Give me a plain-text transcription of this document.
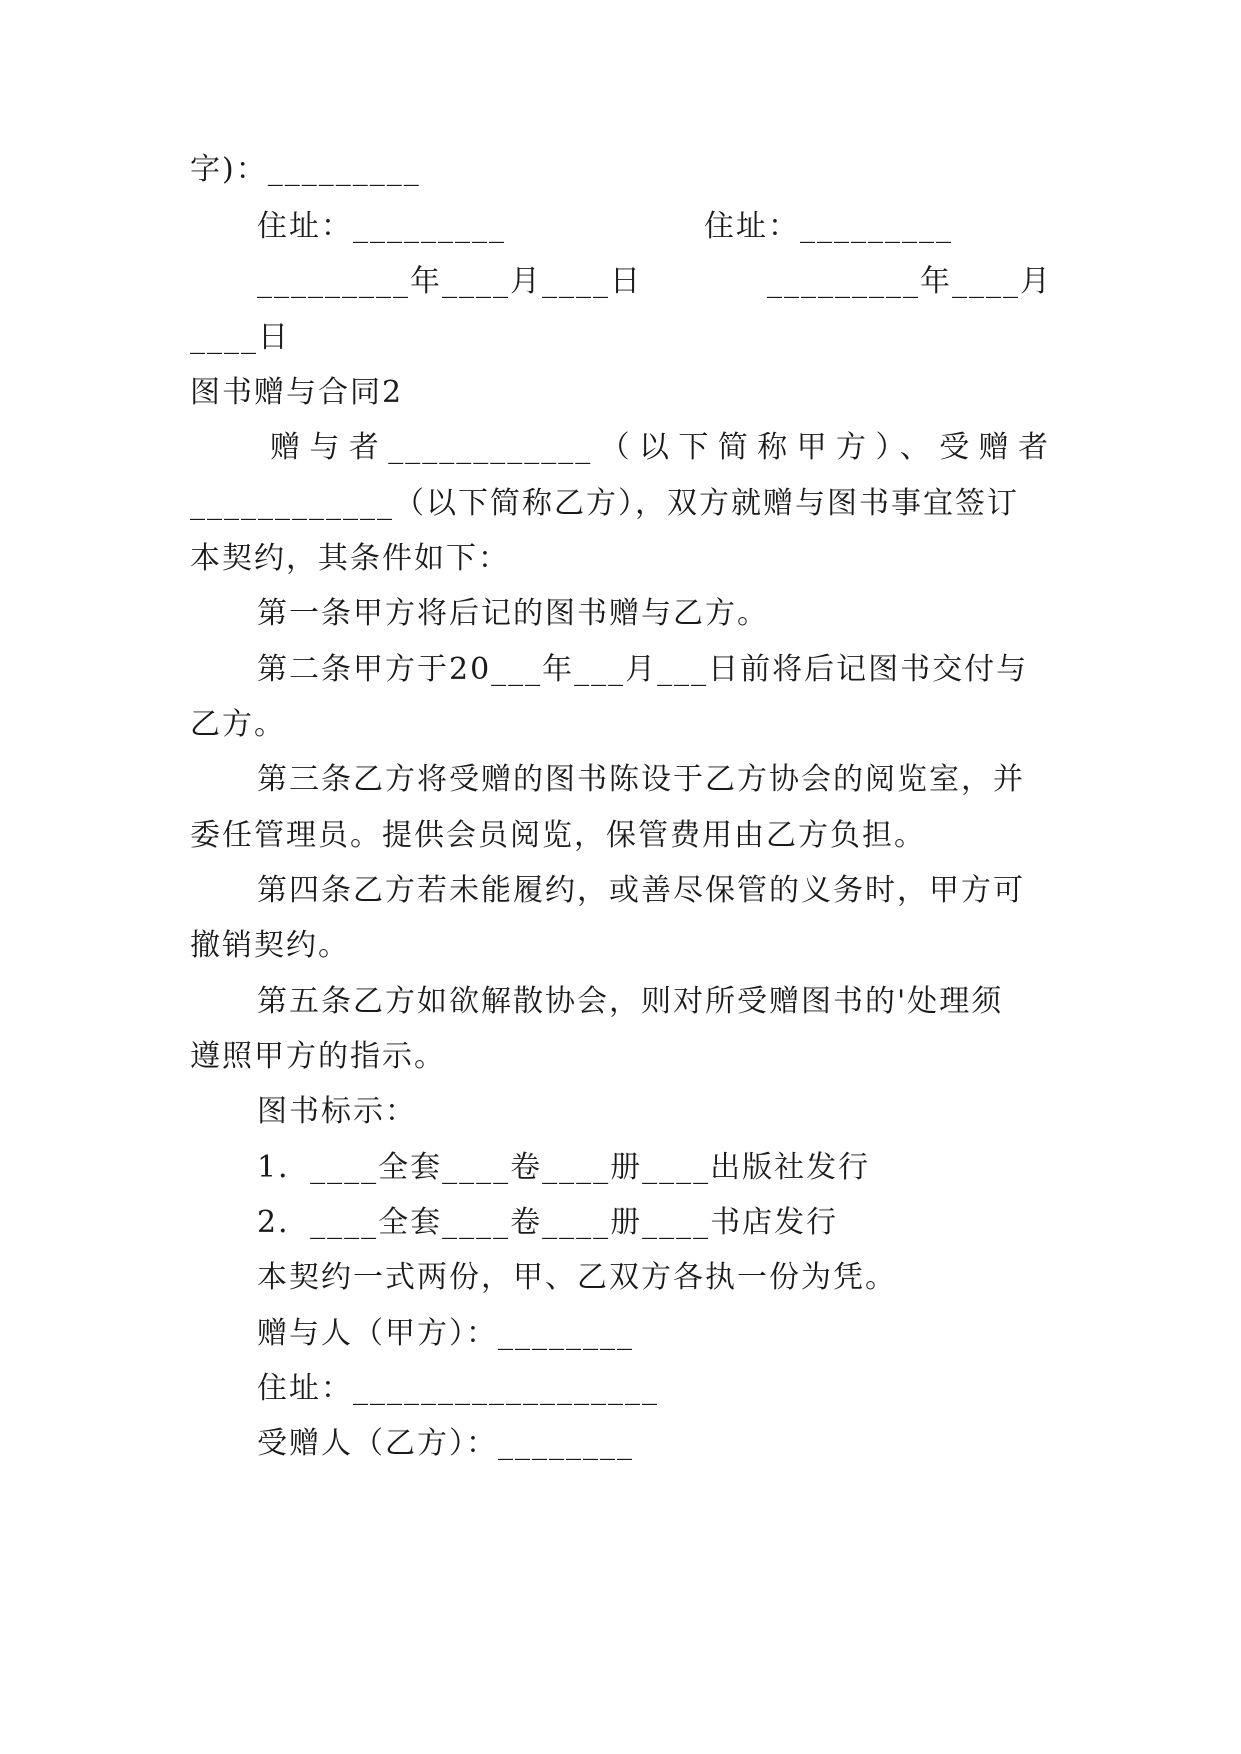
字)：_________
住址：_________	住址：_________
_________年____月____日	_________年____月
____日
图书赠与合同2
赠与者____________（以下简称甲方）、受赠者
____________（以下简称乙方），双方就赠与图书事宜签订
本契约，其条件如下：
第一条甲方将后记的图书赠与乙方。
第二条甲方于20___年___月___日前将后记图书交付与
乙方。
第三条乙方将受赠的图书陈设于乙方协会的阅览室，并
委任管理员。提供会员阅览，保管费用由乙方负担。
第四条乙方若未能履约，或善尽保管的义务时，甲方可
撤销契约。
第五条乙方如欲解散协会，则对所受赠图书的'处理须
遵照甲方的指示。
图书标示：
1．____全套____卷____册____出版社发行
2．____全套____卷____册____书店发行
本契约一式两份，甲、乙双方各执一份为凭。
赠与人（甲方）：________
住址：__________________
受赠人（乙方）：________
